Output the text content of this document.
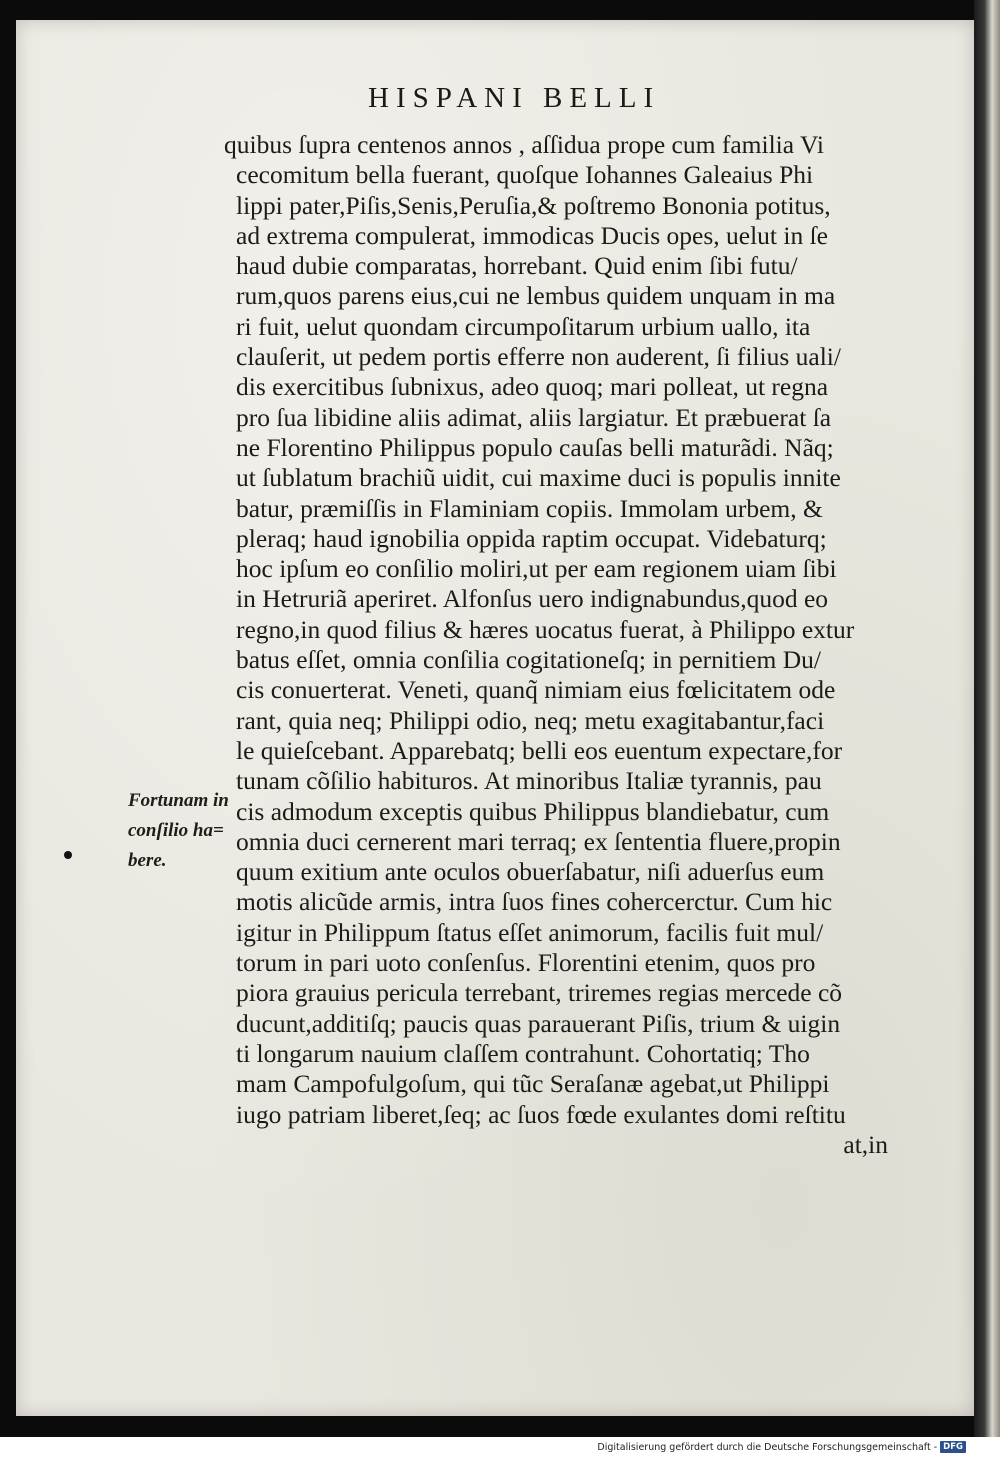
HISPANI BELLI
quibus ſupra centenos annos , aſſidua prope cum familia Vi
cecomitum bella fuerant, quoſque Iohannes Galeaius Phi
lippi pater,Piſis,Senis,Peruſia,& poſtremo Bononia potitus,
ad extrema compulerat, immodicas Ducis opes, uelut in ſe
haud dubie comparatas, horrebant. Quid enim ſibi futu/
rum,quos parens eius,cui ne lembus quidem unquam in ma
ri fuit, uelut quondam circumpoſitarum urbium uallo, ita
clauſerit, ut pedem portis efferre non auderent, ſi filius uali/
dis exercitibus ſubnixus, adeo quoq; mari polleat, ut regna
pro ſua libidine aliis adimat, aliis largiatur. Et præbuerat ſa
ne Florentino Philippus populo cauſas belli maturãdi. Nãq;
ut ſublatum brachiũ uidit, cui maxime duci is populis innite
batur, præmiſſis in Flaminiam copiis. Immolam urbem, &
pleraq; haud ignobilia oppida raptim occupat. Videbaturq;
hoc ipſum eo conſilio moliri,ut per eam regionem uiam ſibi
in Hetruriã aperiret. Alfonſus uero indignabundus,quod eo
regno,in quod filius & hæres uocatus fuerat, à Philippo extur
batus eſſet, omnia conſilia cogitationeſq; in pernitiem Du/
cis conuerterat. Veneti, quanq̃ nimiam eius fœlicitatem ode
rant, quia neq; Philippi odio, neq; metu exagitabantur,faci
le quieſcebant. Apparebatq; belli eos euentum expectare,for
tunam cõſilio habituros. At minoribus Italiæ tyrannis, pau
cis admodum exceptis quibus Philippus blandiebatur, cum
omnia duci cernerent mari terraq; ex ſententia fluere,propin
quum exitium ante oculos obuerſabatur, niſi aduerſus eum
motis alicũde armis, intra ſuos fines cohercerctur. Cum hic
igitur in Philippum ſtatus eſſet animorum, facilis fuit mul/
torum in pari uoto conſenſus. Florentini etenim, quos pro
piora grauius pericula terrebant, triremes regias mercede cõ
ducunt,additiſq; paucis quas parauerant Piſis, trium & uigin
ti longarum nauium claſſem contrahunt. Cohortatiq; Tho
mam Campofulgoſum, qui tũc Seraſanæ agebat,ut Philippi
iugo patriam liberet,ſeq; ac ſuos fœde exulantes domi reſtitu
at,in
Fortunam in
conſilio ha=
bere.
Digitalisierung gefördert durch die Deutsche Forschungsgemeinschaft - DFG
